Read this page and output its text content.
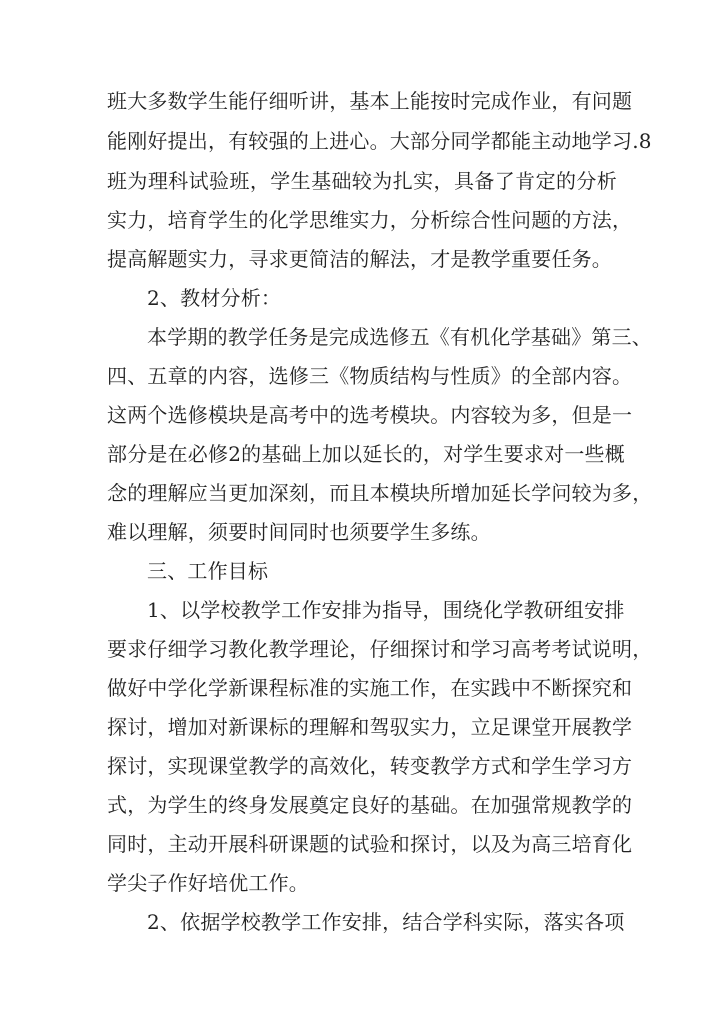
班大多数学生能仔细听讲，基本上能按时完成作业，有问题
能刚好提出，有较强的上进心。大部分同学都能主动地学习.8
班为理科试验班，学生基础较为扎实，具备了肯定的分析
实力，培育学生的化学思维实力，分析综合性问题的方法，
提高解题实力，寻求更简洁的解法，才是教学重要任务。
2、教材分析：
本学期的教学任务是完成选修五《有机化学基础》第三、
四、五章的内容，选修三《物质结构与性质》的全部内容。
这两个选修模块是高考中的选考模块。内容较为多，但是一
部分是在必修2的基础上加以延长的，对学生要求对一些概
念的理解应当更加深刻，而且本模块所增加延长学问较为多，
难以理解，须要时间同时也须要学生多练。
三、工作目标
1、以学校教学工作安排为指导，围绕化学教研组安排
要求仔细学习教化教学理论，仔细探讨和学习高考考试说明，
做好中学化学新课程标准的实施工作，在实践中不断探究和
探讨，增加对新课标的理解和驾驭实力，立足课堂开展教学
探讨，实现课堂教学的高效化，转变教学方式和学生学习方
式，为学生的终身发展奠定良好的基础。在加强常规教学的
同时，主动开展科研课题的试验和探讨，以及为高三培育化
学尖子作好培优工作。
2、依据学校教学工作安排，结合学科实际，落实各项
